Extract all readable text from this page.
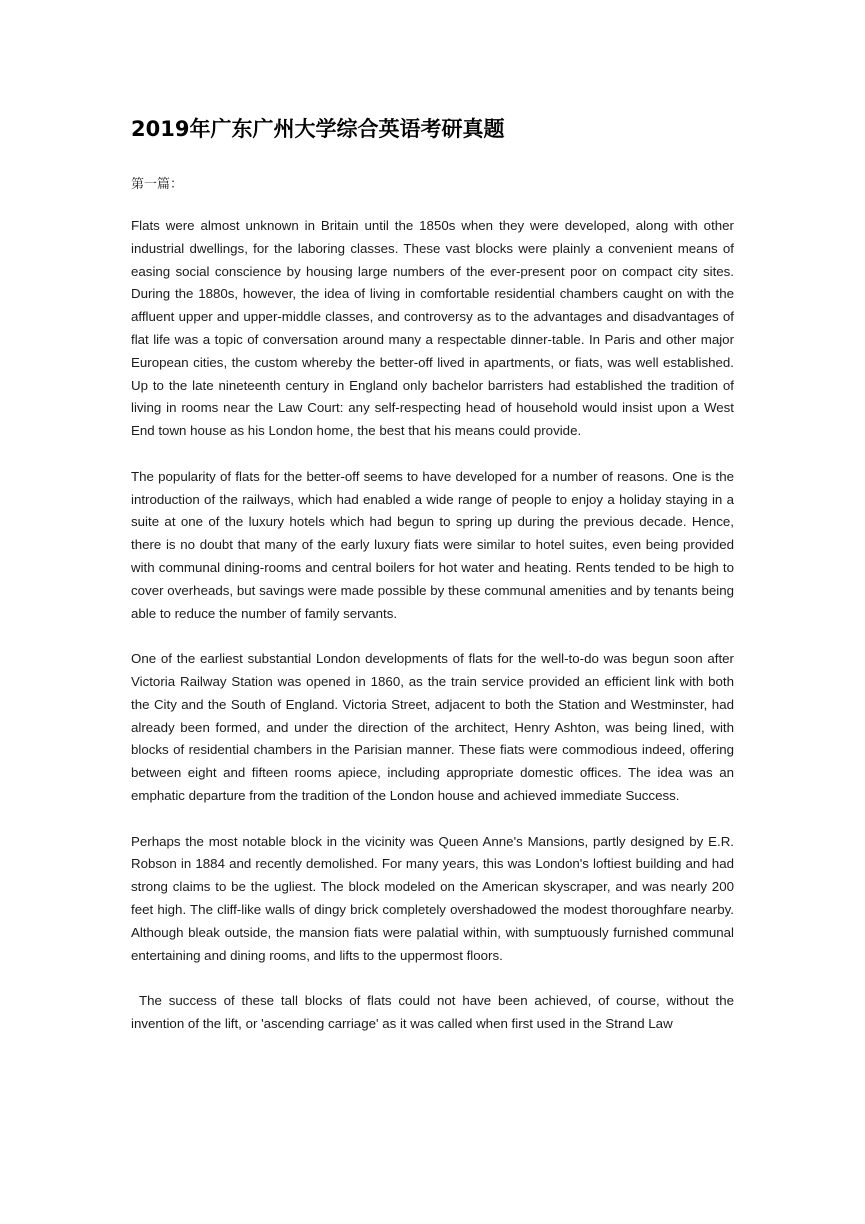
2019年广东广州大学综合英语考研真题
第一篇：

Flats were almost unknown in Britain until the 1850s when they were developed, along with other industrial dwellings, for the laboring classes. These vast blocks were plainly a convenient means of easing social conscience by housing large numbers of the ever-present poor on compact city sites. During the 1880s, however, the idea of living in comfortable residential chambers caught on with the affluent upper and upper-middle classes, and controversy as to the advantages and disadvantages of flat life was a topic of conversation around many a respectable dinner-table. In Paris and other major European cities, the custom whereby the better-off lived in apartments, or fiats, was well established. Up to the late nineteenth century in England only bachelor barristers had established the tradition of living in rooms near the Law Court: any self-respecting head of household would insist upon a West End town house as his London home, the best that his means could provide.

The popularity of flats for the better-off seems to have developed for a number of reasons. One is the introduction of the railways, which had enabled a wide range of people to enjoy a holiday staying in a suite at one of the luxury hotels which had begun to spring up during the previous decade. Hence, there is no doubt that many of the early luxury fiats were similar to hotel suites, even being provided with communal dining-rooms and central boilers for hot water and heating. Rents tended to be high to cover overheads, but savings were made possible by these communal amenities and by tenants being able to reduce the number of family servants.

One of the earliest substantial London developments of flats for the well-to-do was begun soon after Victoria Railway Station was opened in 1860, as the train service provided an efficient link with both the City and the South of England. Victoria Street, adjacent to both the Station and Westminster, had already been formed, and under the direction of the architect, Henry Ashton, was being lined, with blocks of residential chambers in the Parisian manner. These fiats were commodious indeed, offering between eight and fifteen rooms apiece, including appropriate domestic offices. The idea was an emphatic departure from the tradition of the London house and achieved immediate Success.

Perhaps the most notable block in the vicinity was Queen Anne's Mansions, partly designed by E.R. Robson in 1884 and recently demolished. For many years, this was London's loftiest building and had strong claims to be the ugliest. The block modeled on the American skyscraper, and was nearly 200 feet high. The cliff-like walls of dingy brick completely overshadowed the modest thoroughfare nearby. Although bleak outside, the mansion fiats were palatial within, with sumptuously furnished communal entertaining and dining rooms, and lifts to the uppermost floors.

The success of these tall blocks of flats could not have been achieved, of course, without the invention of the lift, or 'ascending carriage' as it was called when first used in the Strand Law
